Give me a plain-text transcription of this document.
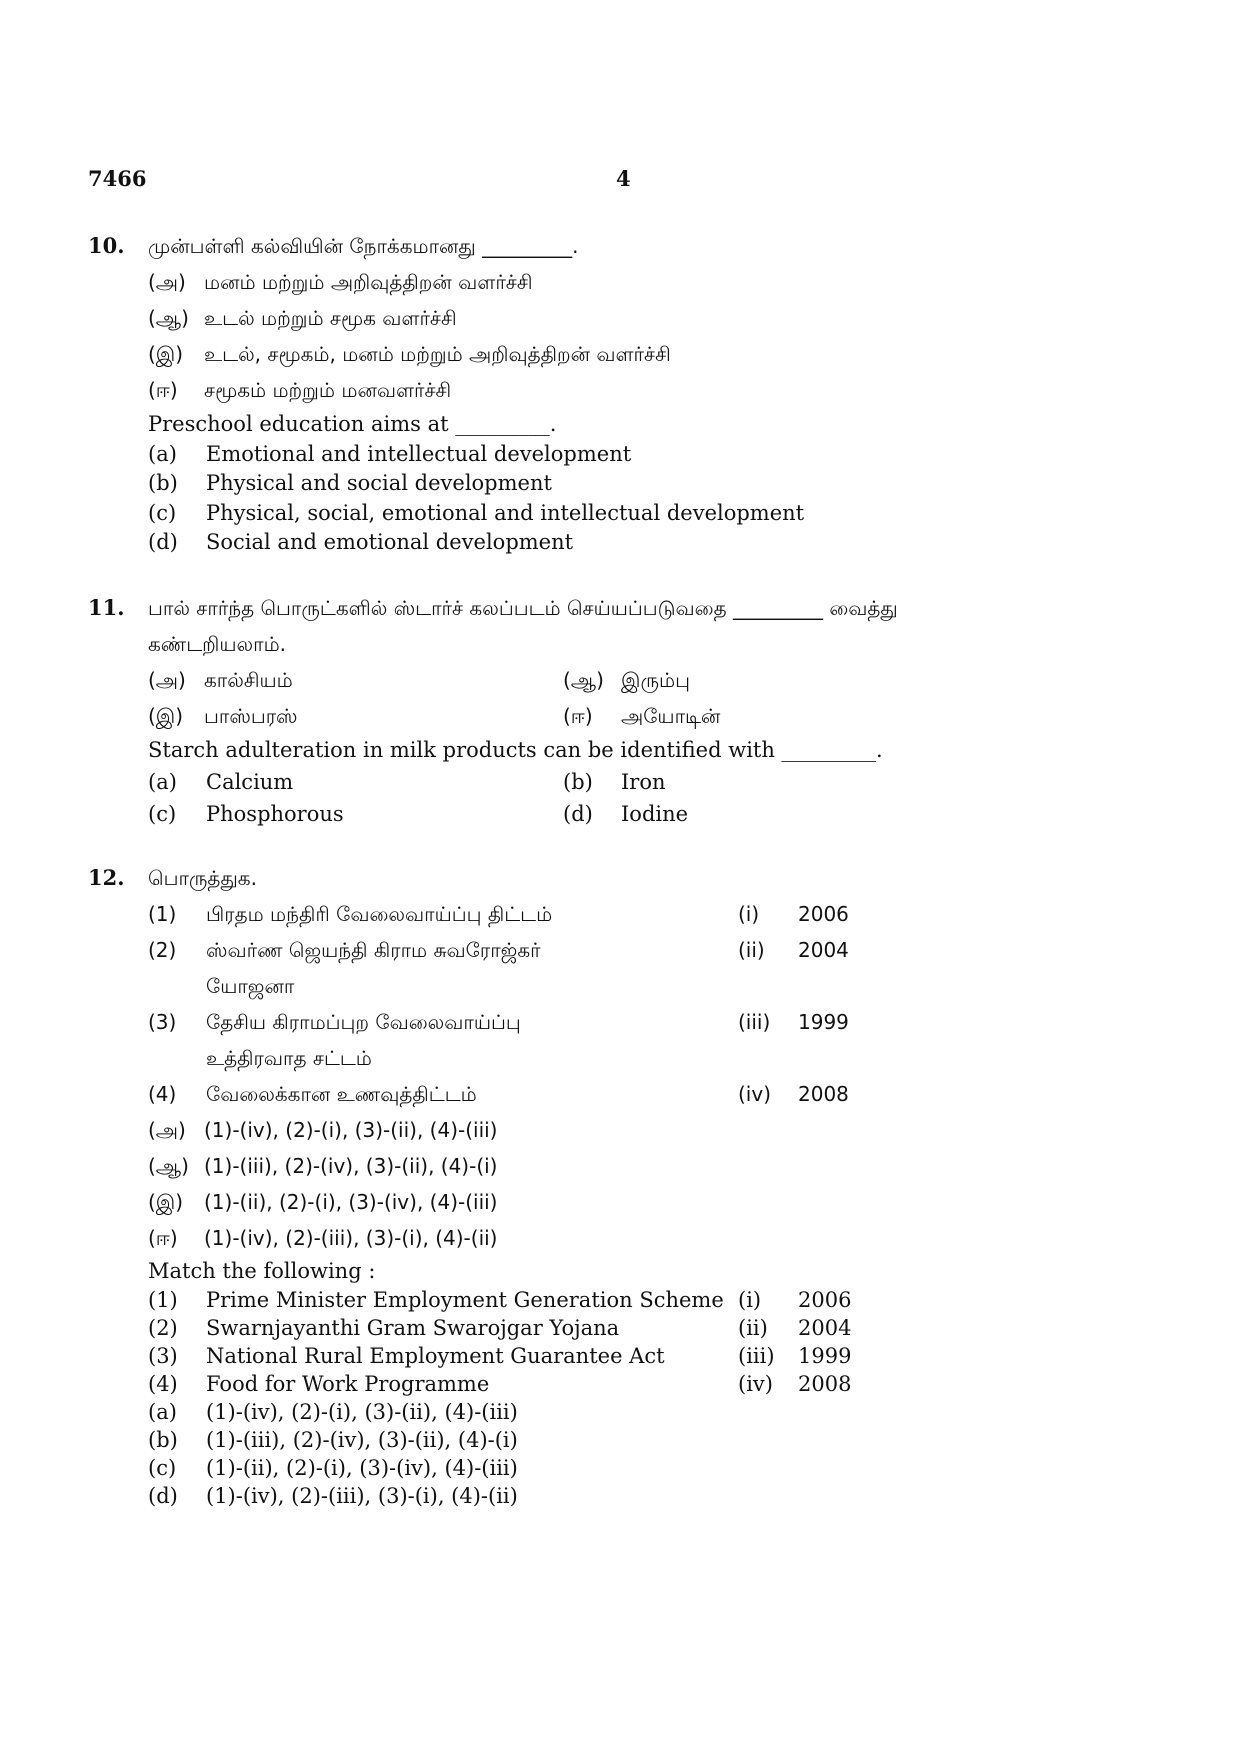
7466	4
10. முன்பள்ளி கல்வியின் நோக்கமானது _________.
(அ) மனம் மற்றும் அறிவுத்திறன் வளர்ச்சி
(ஆ) உடல் மற்றும் சமூக வளர்ச்சி
(இ) உடல், சமூகம், மனம் மற்றும் அறிவுத்திறன் வளர்ச்சி
(ஈ) சமூகம் மற்றும் மனவளர்ச்சி
Preschool education aims at _________.
(a) Emotional and intellectual development
(b) Physical and social development
(c) Physical, social, emotional and intellectual development
(d) Social and emotional development
11. பால் சார்ந்த பொருட்களில் ஸ்டார்ச் கலப்படம் செய்யப்படுவதை _________ வைத்து
கண்டறியலாம்.
(அ) கால்சியம்	(ஆ) இரும்பு
(இ) பாஸ்பரஸ்	(ஈ) அயோடின்
Starch adulteration in milk products can be identified with _________.
(a) Calcium	(b) Iron
(c) Phosphorous	(d) Iodine
12. பொருத்துக.
(1) பிரதம மந்திரி வேலைவாய்ப்பு திட்டம்	(i) 2006
(2) ஸ்வர்ண ஜெயந்தி கிராம சுவரோஜ்கர்	(ii) 2004
யோஜனா
(3) தேசிய கிராமப்புற வேலைவாய்ப்பு	(iii) 1999
உத்திரவாத சட்டம்
(4) வேலைக்கான உணவுத்திட்டம்	(iv) 2008
(அ) (1)-(iv), (2)-(i), (3)-(ii), (4)-(iii)
(ஆ) (1)-(iii), (2)-(iv), (3)-(ii), (4)-(i)
(இ) (1)-(ii), (2)-(i), (3)-(iv), (4)-(iii)
(ஈ) (1)-(iv), (2)-(iii), (3)-(i), (4)-(ii)
Match the following :
(1) Prime Minister Employment Generation Scheme (i) 2006
(2) Swarnjayanthi Gram Swarojgar Yojana	(ii) 2004
(3) National Rural Employment Guarantee Act	(iii) 1999
(4) Food for Work Programme	(iv) 2008
(a) (1)-(iv), (2)-(i), (3)-(ii), (4)-(iii)
(b) (1)-(iii), (2)-(iv), (3)-(ii), (4)-(i)
(c) (1)-(ii), (2)-(i), (3)-(iv), (4)-(iii)
(d) (1)-(iv), (2)-(iii), (3)-(i), (4)-(ii)
